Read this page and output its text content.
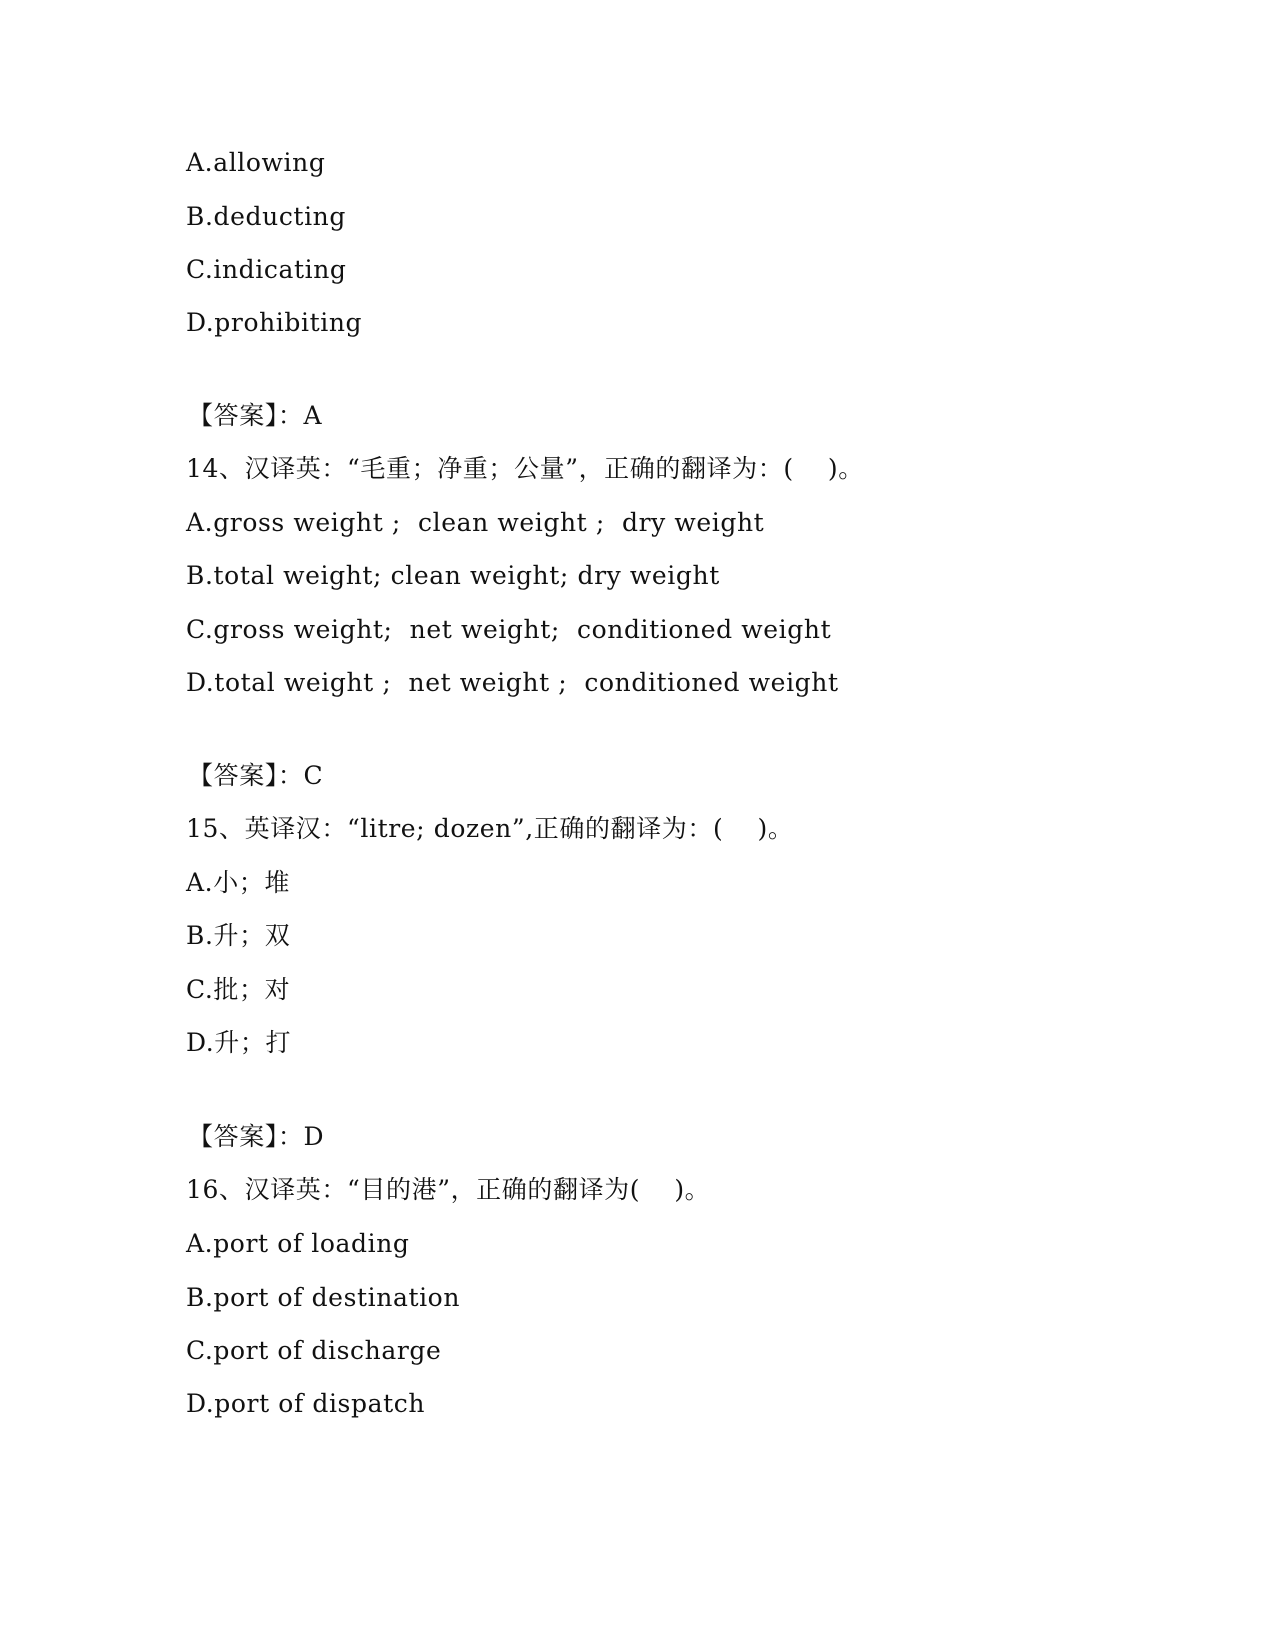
A.allowing
B.deducting
C.indicating
D.prohibiting
【答案】：A
14、汉译英：“毛重；净重；公量”，正确的翻译为：(    )。
A.gross weight ;  clean weight ;  dry weight
B.total weight; clean weight; dry weight
C.gross weight;  net weight;  conditioned weight
D.total weight ;  net weight ;  conditioned weight
【答案】：C
15、英译汉：“litre; dozen”,正确的翻译为：(    )。
A.小；堆
B.升；双
C.批；对
D.升；打
【答案】：D
16、汉译英：“目的港”，正确的翻译为(    )。
A.port of loading
B.port of destination
C.port of discharge
D.port of dispatch
